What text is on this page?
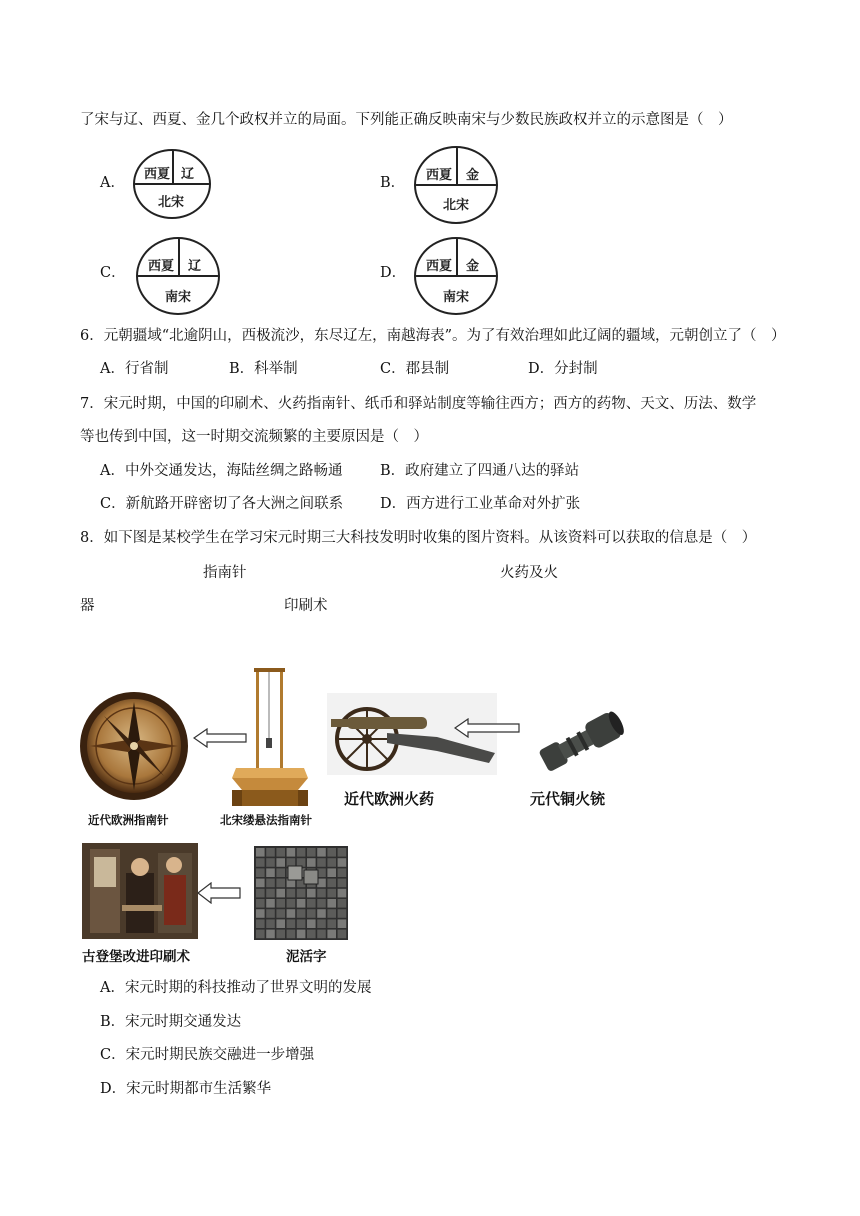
了宋与辽、西夏、金几个政权并立的局面。下列能正确反映南宋与少数民族政权并立的示意图是（　）
A．
西夏 辽
北宋
B． 西夏 金
北宋
C． 西夏 辽
南宋
D． 西夏 金
南宋
6．元朝疆域“北逾阴山，西极流沙，东尽辽左，南越海表”。为了有效治理如此辽阔的疆域，元朝创立了（　）
A．行省制	B．科举制	C．郡县制	D．分封制
7．宋元时期，中国的印刷术、火药指南针、纸币和驿站制度等输往西方；西方的药物、天文、历法、数学
等也传到中国，这一时期交流频繁的主要原因是（　）
A．中外交通发达，海陆丝绸之路畅通	B．政府建立了四通八达的驿站
C．新航路开辟密切了各大洲之间联系	D．西方进行工业革命对外扩张
8．如下图是某校学生在学习宋元时期三大科技发明时收集的图片资料。从该资料可以获取的信息是（　）
指南针	火药及火
器	印刷术
近代欧洲指南针	北宋缕悬法指南针
近代欧洲火药	元代铜火铳
古登堡改进印刷术	泥活字
A．宋元时期的科技推动了世界文明的发展
B．宋元时期交通发达
C．宋元时期民族交融进一步增强
D．宋元时期都市生活繁华
